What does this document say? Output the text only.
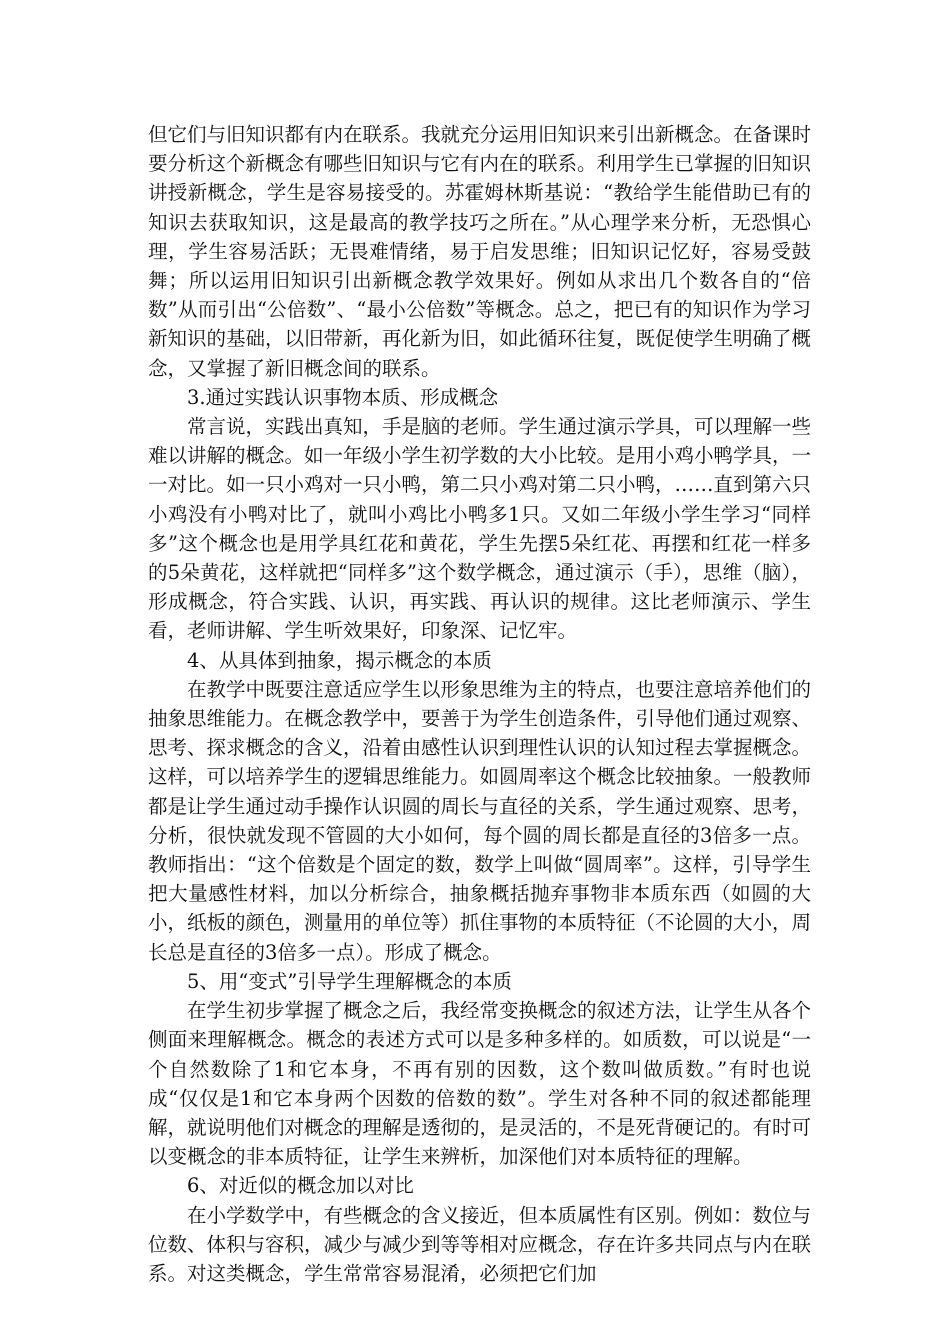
但它们与旧知识都有内在联系。我就充分运用旧知识来引出新概念。在备课时要分析这个新概念有哪些旧知识与它有内在的联系。利用学生已掌握的旧知识讲授新概念，学生是容易接受的。苏霍姆林斯基说：“教给学生能借助已有的知识去获取知识，这是最高的教学技巧之所在。”从心理学来分析，无恐惧心理，学生容易活跃；无畏难情绪，易于启发思维；旧知识记忆好，容易受鼓舞；所以运用旧知识引出新概念教学效果好。例如从求出几个数各自的“倍数”从而引出“公倍数”、“最小公倍数”等概念。总之，把已有的知识作为学习新知识的基础，以旧带新，再化新为旧，如此循环往复，既促使学生明确了概念，又掌握了新旧概念间的联系。

3.通过实践认识事物本质、形成概念

常言说，实践出真知，手是脑的老师。学生通过演示学具，可以理解一些难以讲解的概念。如一年级小学生初学数的大小比较。是用小鸡小鸭学具，一一对比。如一只小鸡对一只小鸭，第二只小鸡对第二只小鸭，……直到第六只小鸡没有小鸭对比了，就叫小鸡比小鸭多1只。又如二年级小学生学习“同样多”这个概念也是用学具红花和黄花，学生先摆5朵红花、再摆和红花一样多的5朵黄花，这样就把“同样多”这个数学概念，通过演示（手），思维（脑），形成概念，符合实践、认识，再实践、再认识的规律。这比老师演示、学生看，老师讲解、学生听效果好，印象深、记忆牢。

4、从具体到抽象，揭示概念的本质

在教学中既要注意适应学生以形象思维为主的特点，也要注意培养他们的抽象思维能力。在概念教学中，要善于为学生创造条件，引导他们通过观察、思考、探求概念的含义，沿着由感性认识到理性认识的认知过程去掌握概念。这样，可以培养学生的逻辑思维能力。如圆周率这个概念比较抽象。一般教师都是让学生通过动手操作认识圆的周长与直径的关系，学生通过观察、思考，分析，很快就发现不管圆的大小如何，每个圆的周长都是直径的3倍多一点。教师指出：“这个倍数是个固定的数，数学上叫做“圆周率”。这样，引导学生把大量感性材料，加以分析综合，抽象概括抛弃事物非本质东西（如圆的大小，纸板的颜色，测量用的单位等）抓住事物的本质特征（不论圆的大小，周长总是直径的3倍多一点）。形成了概念。

5、用“变式”引导学生理解概念的本质

在学生初步掌握了概念之后，我经常变换概念的叙述方法，让学生从各个侧面来理解概念。概念的表述方式可以是多种多样的。如质数，可以说是“一个自然数除了1和它本身，不再有别的因数，这个数叫做质数。”有时也说成“仅仅是1和它本身两个因数的倍数的数”。学生对各种不同的叙述都能理解，就说明他们对概念的理解是透彻的，是灵活的，不是死背硬记的。有时可以变概念的非本质特征，让学生来辨析，加深他们对本质特征的理解。

6、对近似的概念加以对比

在小学数学中，有些概念的含义接近，但本质属性有区别。例如：数位与位数、体积与容积，减少与减少到等等相对应概念，存在许多共同点与内在联系。对这类概念，学生常常容易混淆，必须把它们加
